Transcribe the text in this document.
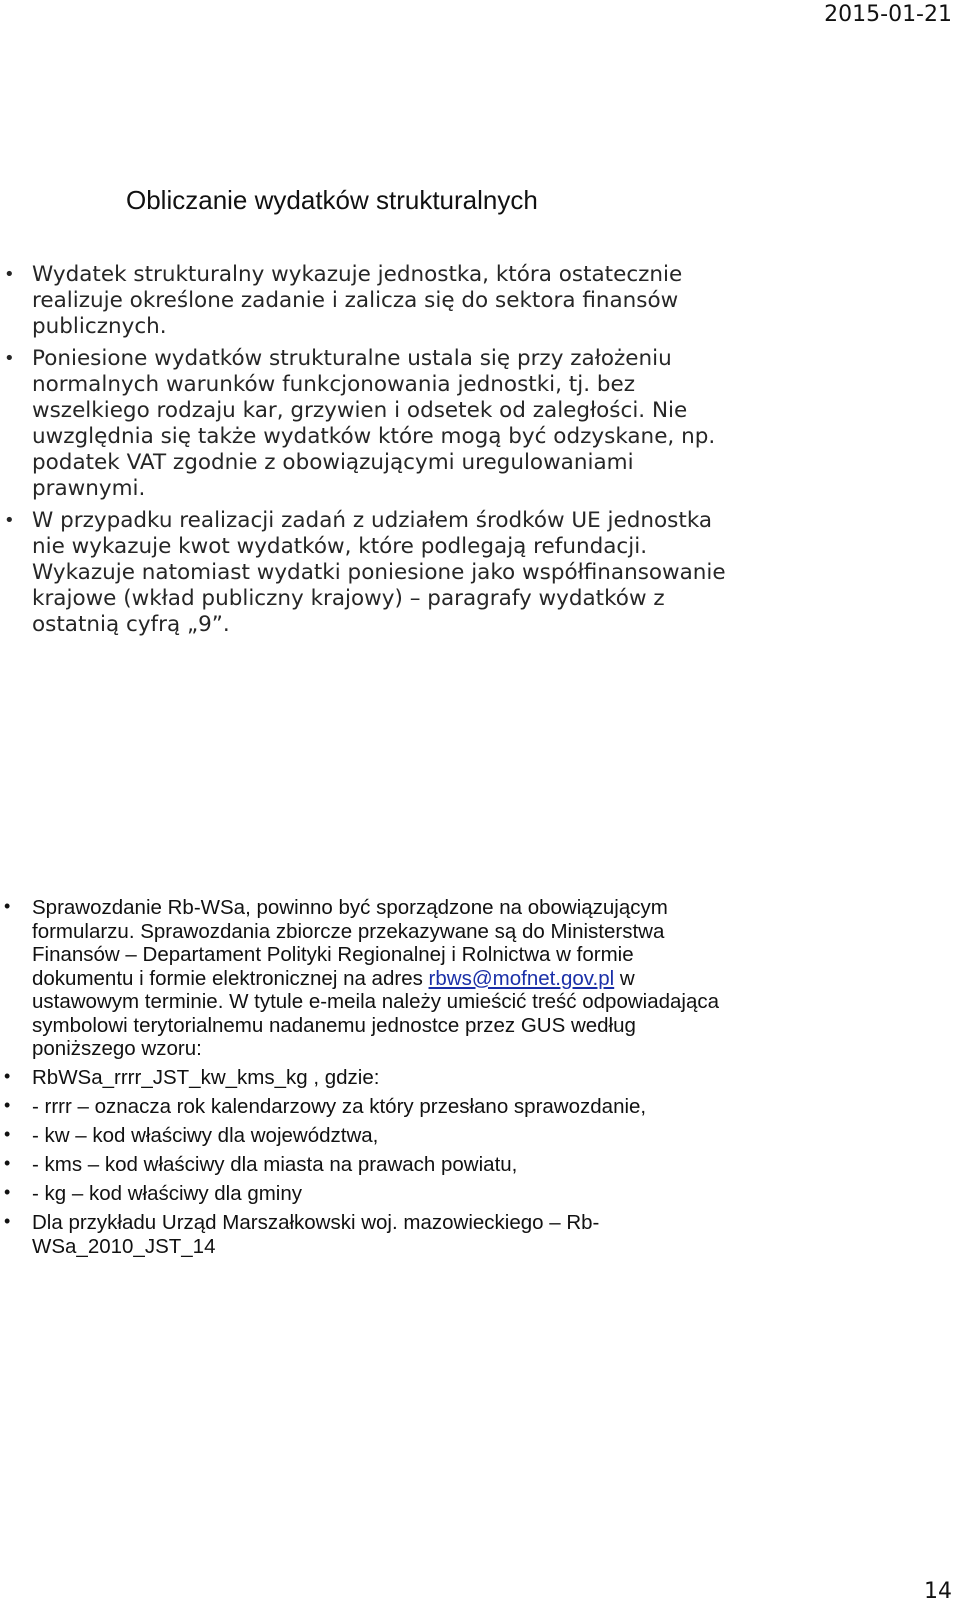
2015-01-21
Obliczanie wydatków strukturalnych
• Wydatek strukturalny wykazuje jednostka, która ostatecznie realizuje określone zadanie i zalicza się do sektora finansów publicznych.
• Poniesione wydatków strukturalne ustala się przy założeniu normalnych warunków funkcjonowania jednostki, tj. bez wszelkiego rodzaju kar, grzywien i odsetek od zaległości. Nie uwzględnia się także wydatków które mogą być odzyskane, np. podatek VAT zgodnie z obowiązującymi uregulowaniami prawnymi.
• W przypadku realizacji zadań z udziałem środków UE jednostka nie wykazuje kwot wydatków, które podlegają refundacji. Wykazuje natomiast wydatki poniesione jako współfinansowanie krajowe (wkład publiczny krajowy) – paragrafy wydatków z ostatnią cyfrą „9”.
• Sprawozdanie Rb-WSa, powinno być sporządzone na obowiązującym formularzu. Sprawozdania zbiorcze przekazywane są do Ministerstwa Finansów – Departament Polityki Regionalnej i Rolnictwa w formie dokumentu i formie elektronicznej na adres rbws@mofnet.gov.pl w ustawowym terminie. W tytule e-meila należy umieścić treść odpowiadająca symbolowi terytorialnemu nadanemu jednostce przez GUS według poniższego wzoru:
• RbWSa_rrrr_JST_kw_kms_kg , gdzie:
• - rrrr – oznacza rok kalendarzowy za który przesłano sprawozdanie,
• - kw – kod właściwy dla województwa,
• - kms – kod właściwy dla miasta na prawach powiatu,
• - kg – kod właściwy dla gminy
• Dla przykładu Urząd Marszałkowski woj. mazowieckiego – Rb-WSa_2010_JST_14
14
